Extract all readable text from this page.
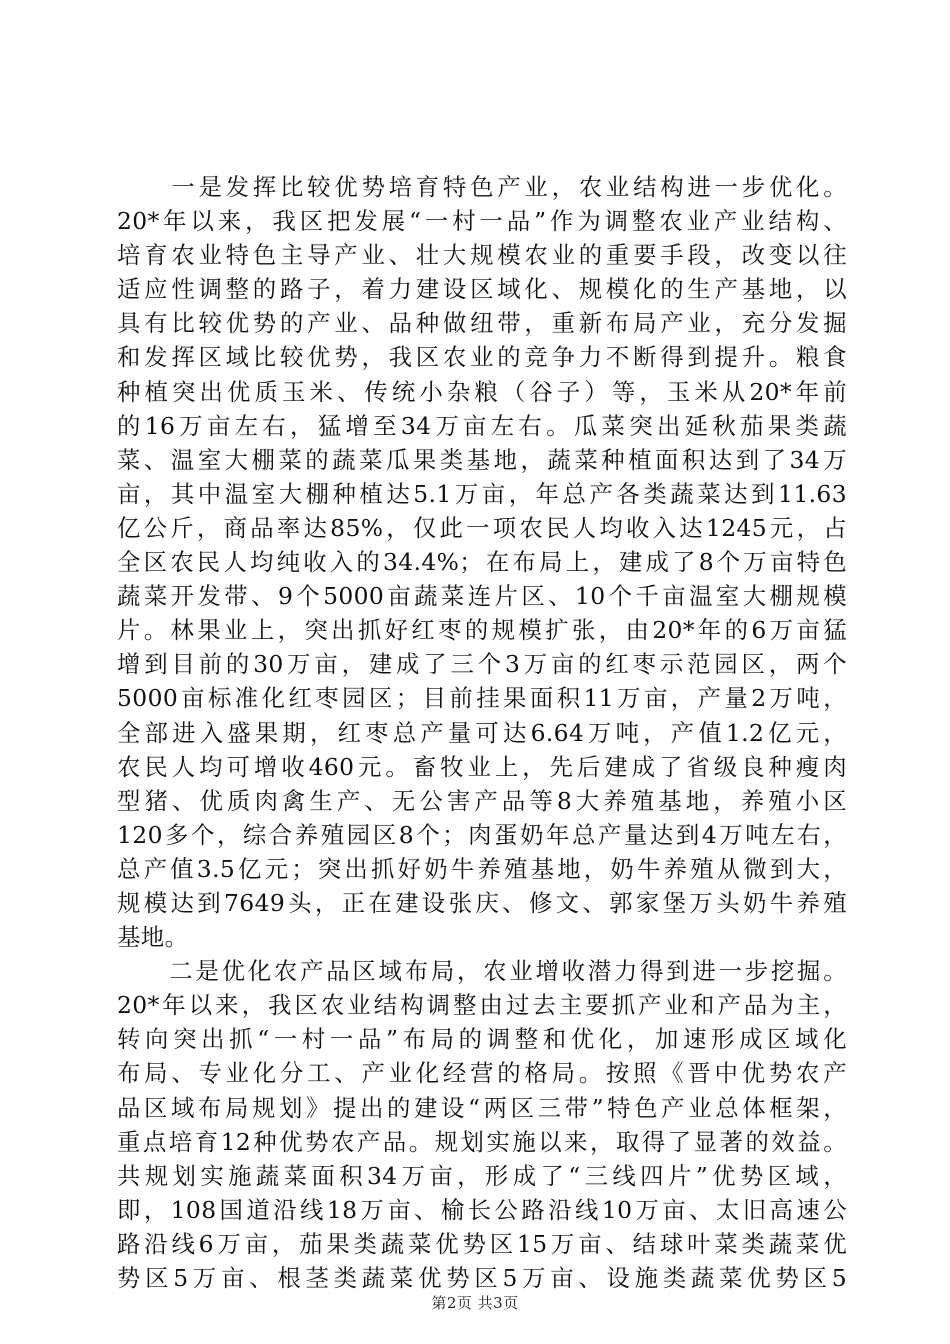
　　一是发挥比较优势培育特色产业，农业结构进一步优化。
20*年以来，我区把发展“一村一品”作为调整农业产业结构、
培育农业特色主导产业、壮大规模农业的重要手段，改变以往
适应性调整的路子，着力建设区域化、规模化的生产基地，以
具有比较优势的产业、品种做纽带，重新布局产业，充分发掘
和发挥区域比较优势，我区农业的竞争力不断得到提升。粮食
种植突出优质玉米、传统小杂粮（谷子）等，玉米从20*年前
的16万亩左右，猛增至34万亩左右。瓜菜突出延秋茄果类蔬
菜、温室大棚菜的蔬菜瓜果类基地，蔬菜种植面积达到了34万
亩，其中温室大棚种植达5.1万亩，年总产各类蔬菜达到11.63
亿公斤，商品率达85%，仅此一项农民人均收入达1245元，占
全区农民人均纯收入的34.4%；在布局上，建成了8个万亩特色
蔬菜开发带、9个5000亩蔬菜连片区、10个千亩温室大棚规模
片。林果业上，突出抓好红枣的规模扩张，由20*年的6万亩猛
增到目前的30万亩，建成了三个3万亩的红枣示范园区，两个
5000亩标准化红枣园区；目前挂果面积11万亩，产量2万吨，
全部进入盛果期，红枣总产量可达6.64万吨，产值1.2亿元，
农民人均可增收460元。畜牧业上，先后建成了省级良种瘦肉
型猪、优质肉禽生产、无公害产品等8大养殖基地，养殖小区
120多个，综合养殖园区8个；肉蛋奶年总产量达到4万吨左右，
总产值3.5亿元；突出抓好奶牛养殖基地，奶牛养殖从微到大，
规模达到7649头，正在建设张庆、修文、郭家堡万头奶牛养殖
基地。
　　二是优化农产品区域布局，农业增收潜力得到进一步挖掘。
20*年以来，我区农业结构调整由过去主要抓产业和产品为主，
转向突出抓“一村一品”布局的调整和优化，加速形成区域化
布局、专业化分工、产业化经营的格局。按照《晋中优势农产
品区域布局规划》提出的建设“两区三带”特色产业总体框架，
重点培育12种优势农产品。规划实施以来，取得了显著的效益。
共规划实施蔬菜面积34万亩，形成了“三线四片”优势区域，
即，108国道沿线18万亩、榆长公路沿线10万亩、太旧高速公
路沿线6万亩，茄果类蔬菜优势区15万亩、结球叶菜类蔬菜优
势区5万亩、根茎类蔬菜优势区5万亩、设施类蔬菜优势区5
第2页 共3页
